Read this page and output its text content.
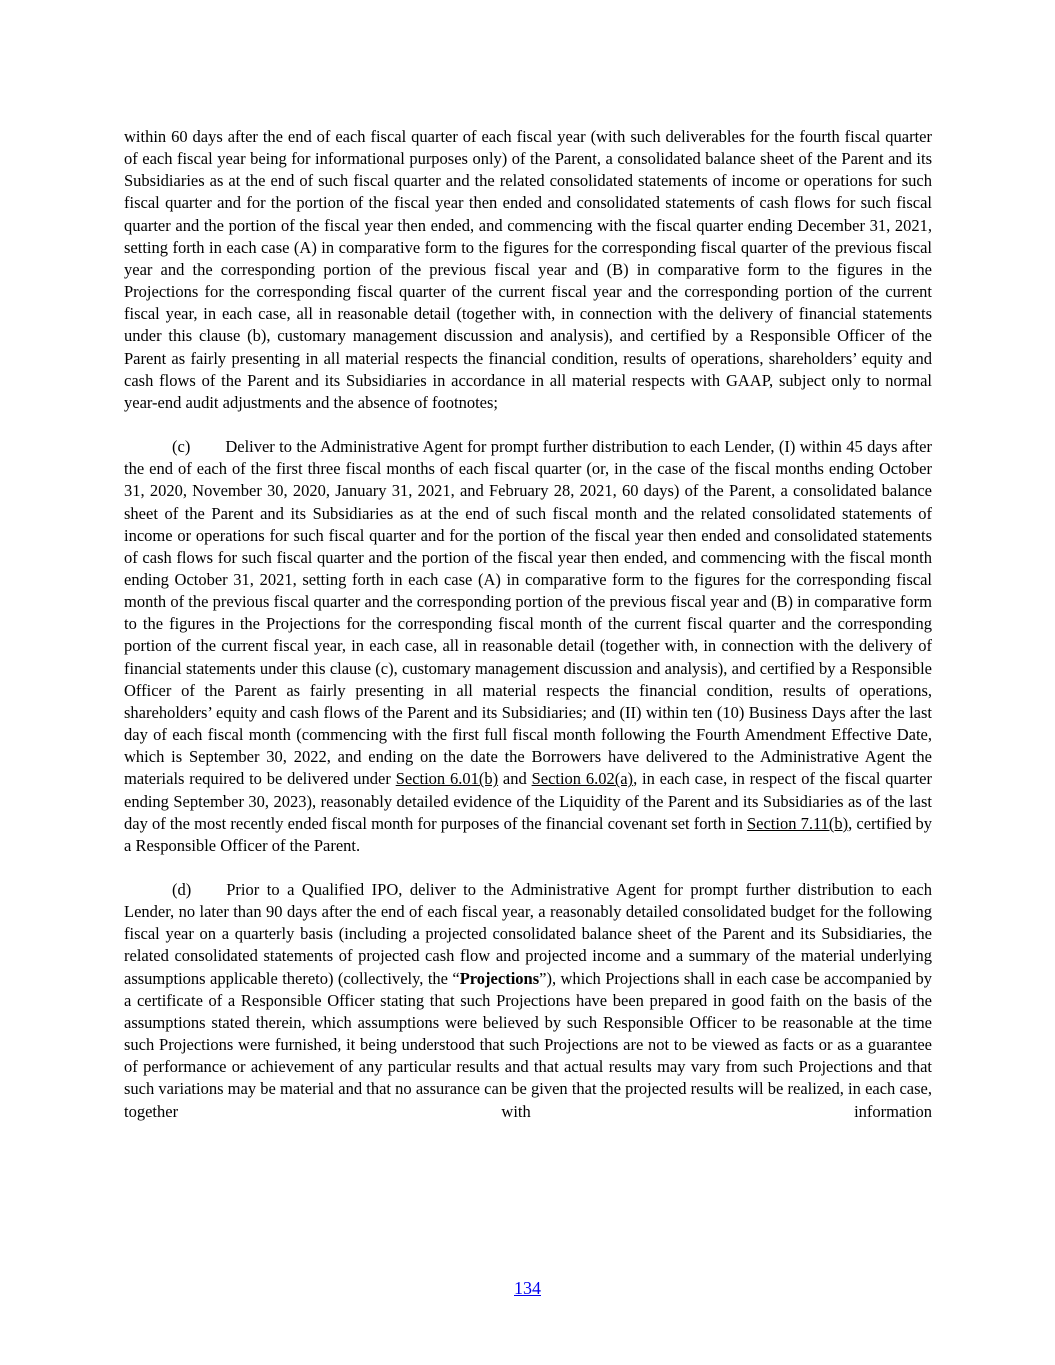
within 60 days after the end of each fiscal quarter of each fiscal year (with such deliverables for the fourth fiscal quarter of each fiscal year being for informational purposes only) of the Parent, a consolidated balance sheet of the Parent and its Subsidiaries as at the end of such fiscal quarter and the related consolidated statements of income or operations for such fiscal quarter and for the portion of the fiscal year then ended and consolidated statements of cash flows for such fiscal quarter and the portion of the fiscal year then ended, and commencing with the fiscal quarter ending December 31, 2021, setting forth in each case (A) in comparative form to the figures for the corresponding fiscal quarter of the previous fiscal year and the corresponding portion of the previous fiscal year and (B) in comparative form to the figures in the Projections for the corresponding fiscal quarter of the current fiscal year and the corresponding portion of the current fiscal year, in each case, all in reasonable detail (together with, in connection with the delivery of financial statements under this clause (b), customary management discussion and analysis), and certified by a Responsible Officer of the Parent as fairly presenting in all material respects the financial condition, results of operations, shareholders’ equity and cash flows of the Parent and its Subsidiaries in accordance in all material respects with GAAP, subject only to normal year-end audit adjustments and the absence of footnotes;

(c) Deliver to the Administrative Agent for prompt further distribution to each Lender, (I) within 45 days after the end of each of the first three fiscal months of each fiscal quarter (or, in the case of the fiscal months ending October 31, 2020, November 30, 2020, January 31, 2021, and February 28, 2021, 60 days) of the Parent, a consolidated balance sheet of the Parent and its Subsidiaries as at the end of such fiscal month and the related consolidated statements of income or operations for such fiscal quarter and for the portion of the fiscal year then ended and consolidated statements of cash flows for such fiscal quarter and the portion of the fiscal year then ended, and commencing with the fiscal month ending October 31, 2021, setting forth in each case (A) in comparative form to the figures for the corresponding fiscal month of the previous fiscal quarter and the corresponding portion of the previous fiscal year and (B) in comparative form to the figures in the Projections for the corresponding fiscal month of the current fiscal quarter and the corresponding portion of the current fiscal year, in each case, all in reasonable detail (together with, in connection with the delivery of financial statements under this clause (c), customary management discussion and analysis), and certified by a Responsible Officer of the Parent as fairly presenting in all material respects the financial condition, results of operations, shareholders’ equity and cash flows of the Parent and its Subsidiaries; and (II) within ten (10) Business Days after the last day of each fiscal month (commencing with the first full fiscal month following the Fourth Amendment Effective Date, which is September 30, 2022, and ending on the date the Borrowers have delivered to the Administrative Agent the materials required to be delivered under Section 6.01(b) and Section 6.02(a), in each case, in respect of the fiscal quarter ending September 30, 2023), reasonably detailed evidence of the Liquidity of the Parent and its Subsidiaries as of the last day of the most recently ended fiscal month for purposes of the financial covenant set forth in Section 7.11(b), certified by a Responsible Officer of the Parent.

(d) Prior to a Qualified IPO, deliver to the Administrative Agent for prompt further distribution to each Lender, no later than 90 days after the end of each fiscal year, a reasonably detailed consolidated budget for the following fiscal year on a quarterly basis (including a projected consolidated balance sheet of the Parent and its Subsidiaries, the related consolidated statements of projected cash flow and projected income and a summary of the material underlying assumptions applicable thereto) (collectively, the “Projections”), which Projections shall in each case be accompanied by a certificate of a Responsible Officer stating that such Projections have been prepared in good faith on the basis of the assumptions stated therein, which assumptions were believed by such Responsible Officer to be reasonable at the time such Projections were furnished, it being understood that such Projections are not to be viewed as facts or as a guarantee of performance or achievement of any particular results and that actual results may vary from such Projections and that such variations may be material and that no assurance can be given that the projected results will be realized, in each case, together with information

134
